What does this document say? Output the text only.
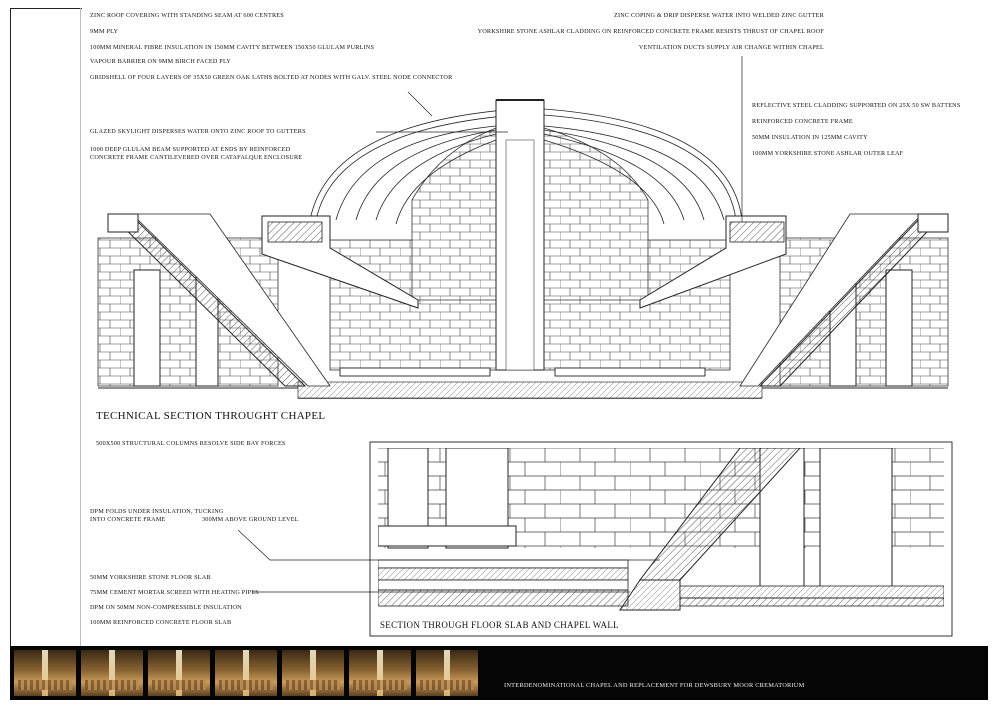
ZINC ROOF COVERING WITH STANDING SEAM AT 600 CENTRES
9MM PLY
100MM MINERAL FIBRE INSULATION IN 150MM CAVITY BETWEEN 150X50 GLULAM PURLINS
VAPOUR BARRIER ON 9MM BIRCH FACED PLY
GRIDSHELL OF FOUR LAYERS OF 35X50 GREEN OAK LATHS BOLTED AT NODES WITH GALV. STEEL NODE CONNECTOR
ZINC COPING & DRIP DISPERSE WATER INTO WELDED ZINC GUTTER
YORKSHIRE STONE ASHLAR CLADDING ON REINFORCED CONCRETE FRAME RESISTS THRUST OF CHAPEL ROOF
VENTILATION DUCTS SUPPLY AIR CHANGE WITHIN CHAPEL
REFLECTIVE STEEL CLADDING SUPPORTED ON 25X 50 SW BATTENS
REINFORCED CONCRETE FRAME
50MM INSULATION IN 125MM CAVITY
100MM YORKSHIRE STONE ASHLAR OUTER LEAF
GLAZED SKYLIGHT DISPERSES WATER ONTO ZINC ROOF TO GUTTERS
1000 DEEP GLULAM BEAM SUPPORTED AT ENDS BY REINFORCED CONCRETE FRAME CANTILEVERED OVER CATAFALQUE ENCLOSURE
TECHNICAL SECTION THROUGHT CHAPEL
500X500 STRUCTURAL COLUMNS RESOLVE SIDE BAY FORCES
DPM FOLDS UNDER INSULATION, TUCKING INTO CONCRETE FRAME	300MM ABOVE GROUND LEVEL
50MM YORKSHIRE STONE FLOOR SLAB
75MM CEMENT MORTAR SCREED WITH HEATING PIPES
DPM ON 50MM NON-COMPRESSIBLE INSULATION
100MM REINFORCED CONCRETE FLOOR SLAB	SECTION THROUGH FLOOR SLAB AND CHAPEL WALL
INTERDENOMINATIONAL CHAPEL AND REPLACEMENT FOR DEWSBURY MOOR CREMATORIUM
